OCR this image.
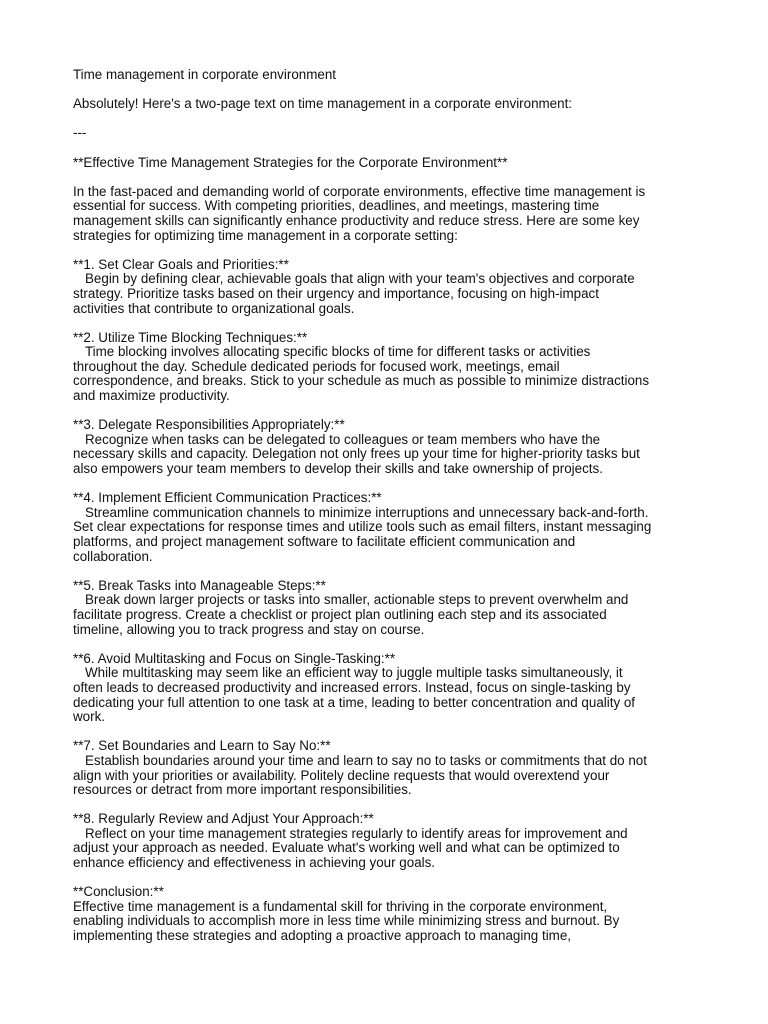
Time management in corporate environment

Absolutely! Here's a two-page text on time management in a corporate environment:

---

**Effective Time Management Strategies for the Corporate Environment**

In the fast-paced and demanding world of corporate environments, effective time management is

essential for success. With competing priorities, deadlines, and meetings, mastering time

management skills can significantly enhance productivity and reduce stress. Here are some key

strategies for optimizing time management in a corporate setting:

**1. Set Clear Goals and Priorities:**

Begin by defining clear, achievable goals that align with your team's objectives and corporate

strategy. Prioritize tasks based on their urgency and importance, focusing on high-impact

activities that contribute to organizational goals.

**2. Utilize Time Blocking Techniques:**

Time blocking involves allocating specific blocks of time for different tasks or activities

throughout the day. Schedule dedicated periods for focused work, meetings, email

correspondence, and breaks. Stick to your schedule as much as possible to minimize distractions

and maximize productivity.

**3. Delegate Responsibilities Appropriately:**

Recognize when tasks can be delegated to colleagues or team members who have the

necessary skills and capacity. Delegation not only frees up your time for higher-priority tasks but

also empowers your team members to develop their skills and take ownership of projects.

**4. Implement Efficient Communication Practices:**

Streamline communication channels to minimize interruptions and unnecessary back-and-forth.

Set clear expectations for response times and utilize tools such as email filters, instant messaging

platforms, and project management software to facilitate efficient communication and

collaboration.

**5. Break Tasks into Manageable Steps:**

Break down larger projects or tasks into smaller, actionable steps to prevent overwhelm and

facilitate progress. Create a checklist or project plan outlining each step and its associated

timeline, allowing you to track progress and stay on course.

**6. Avoid Multitasking and Focus on Single-Tasking:**

While multitasking may seem like an efficient way to juggle multiple tasks simultaneously, it

often leads to decreased productivity and increased errors. Instead, focus on single-tasking by

dedicating your full attention to one task at a time, leading to better concentration and quality of

work.

**7. Set Boundaries and Learn to Say No:**

Establish boundaries around your time and learn to say no to tasks or commitments that do not

align with your priorities or availability. Politely decline requests that would overextend your

resources or detract from more important responsibilities.

**8. Regularly Review and Adjust Your Approach:**

Reflect on your time management strategies regularly to identify areas for improvement and

adjust your approach as needed. Evaluate what's working well and what can be optimized to

enhance efficiency and effectiveness in achieving your goals.

**Conclusion:**

Effective time management is a fundamental skill for thriving in the corporate environment,

enabling individuals to accomplish more in less time while minimizing stress and burnout. By

implementing these strategies and adopting a proactive approach to managing time,
